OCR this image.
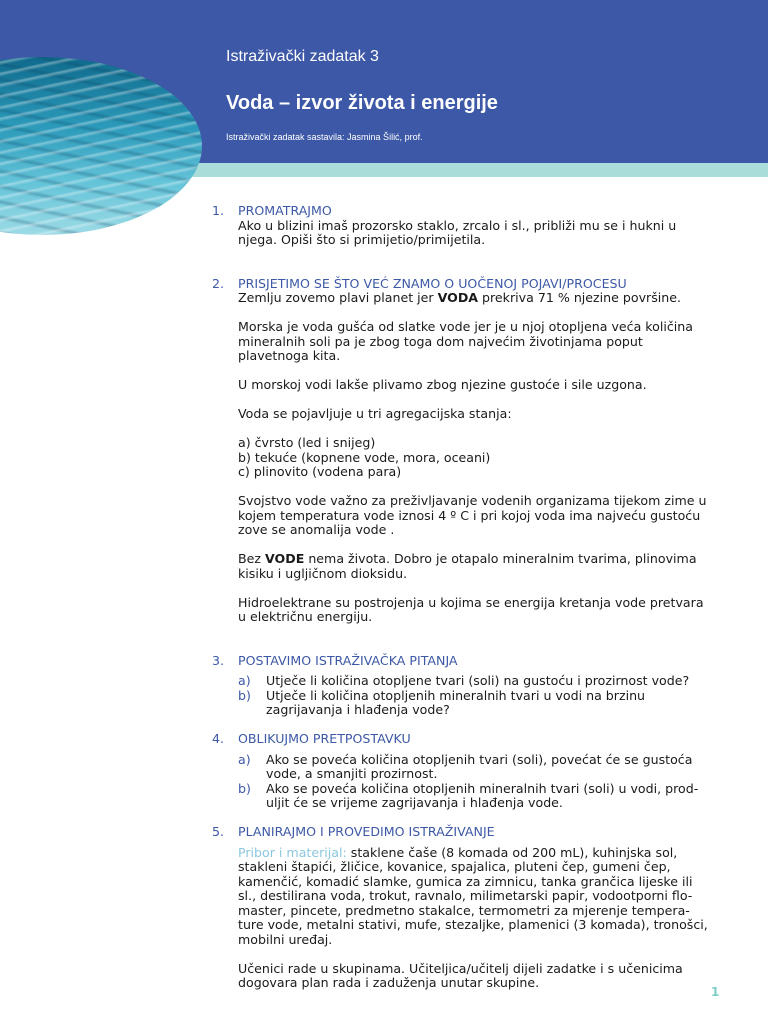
Istraživački zadatak 3
Voda – izvor života i energije
Istraživački zadatak sastavila: Jasmina Šilić, prof.
1.	PROMATRAJMO

Ako u blizini imaš prozorsko staklo, zrcalo i sl., približi mu se i hukni u njega. Opiši što si primijetio/primijetila.

2.	PRISJETIMO SE ŠTO VEĆ ZNAMO O UOČENOJ POJAVI/PROCESU

Zemlju zovemo plavi planet jer VODA prekriva 71 % njezine površine.

Morska je voda gušća od slatke vode jer je u njoj otopljena veća količina mineralnih soli pa je zbog toga dom najvećim životinjama poput plavetnoga kita.

U morskoj vodi lakše plivamo zbog njezine gustoće i sile uzgona.

Voda se pojavljuje u tri agregacijska stanja:

a) čvrsto (led i snijeg)

b) tekuće (kopnene vode, mora, oceani)

c) plinovito (vodena para)

Svojstvo vode važno za preživljavanje vodenih organizama tijekom zime u kojem temperatura vode iznosi 4 º C i pri kojoj voda ima najveću gustoću zove se anomalija vode .

Bez VODE nema života. Dobro je otapalo mineralnim tvarima, plinovima kisiku i ugljičnom dioksidu.

Hidroelektrane su postrojenja u kojima se energija kretanja vode pretvara u električnu energiju.

3.	POSTAVIMO ISTRAŽIVAČKA PITANJA
a)	Utječe li količina otopljene tvari (soli) na gustoću i prozirnost vode?
b)	Utječe li količina otopljenih mineralnih tvari u vodi na brzinu zagrijavanja i hlađenja vode?
4.	OBLIKUJMO PRETPOSTAVKU
a)	Ako se poveća količina otopljenih tvari (soli), povećat će se gustoća vode, a smanjiti prozirnost.
b)	Ako se poveća količina otopljenih mineralnih tvari (soli) u vodi, prod-uljit će se vrijeme zagrijavanja i hlađenja vode.
5.	PLANIRAJMO I PROVEDIMO ISTRAŽIVANJE

Pribor i materijal: staklene čaše (8 komada od 200 mL), kuhinjska sol, stakleni štapići, žličice, kovanice, spajalica, pluteni čep, gumeni čep, kamenčić, komadić slamke, gumica za zimnicu, tanka grančica lijeske ili sl., destilirana voda, trokut, ravnalo, milimetarski papir, vodootporni flo-master, pincete, predmetno stakalce, termometri za mjerenje tempera-ture vode, metalni stativi, mufe, stezaljke, plamenici (3 komada), tronošci, mobilni uređaj.

Učenici rade u skupinama. Učiteljica/učitelj dijeli zadatke i s učenicima dogovara plan rada i zaduženja unutar skupine.

1
